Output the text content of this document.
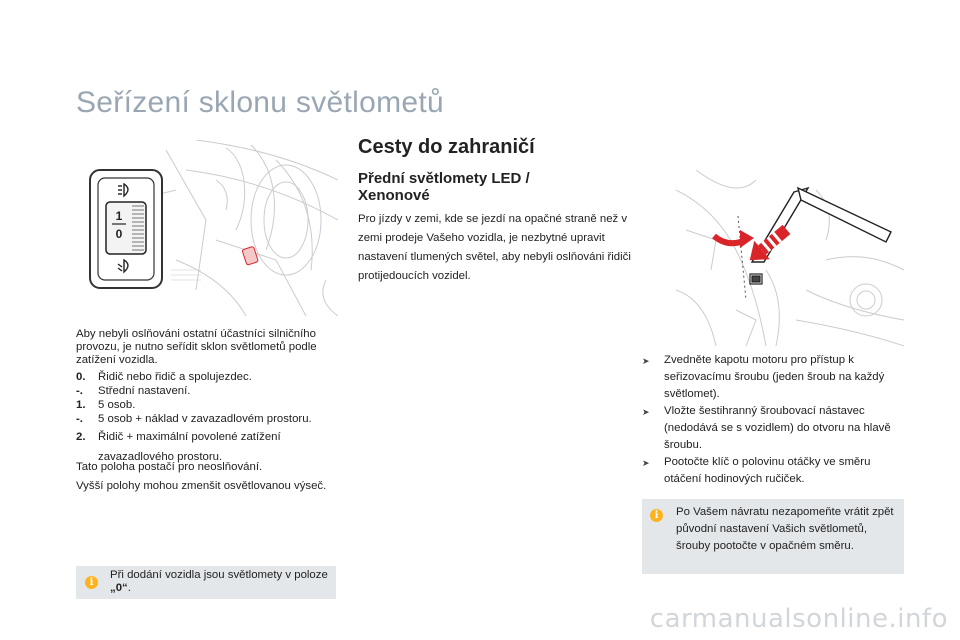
Seřízení sklonu světlometů
1
0
Cesty do zahraničí
Přední světlomety LED / Xenonové
Pro jízdy v zemi, kde se jezdí na opačné straně než v zemi prodeje Vašeho vozidla, je nezbytné upravit nastavení tlumených světel, aby nebyli oslňováni řidiči protijedoucích vozidel.
Aby nebyli oslňováni ostatní účastníci silničního provozu, je nutno seřídit sklon světlometů podle zatížení vozidla.
0.	Řidič nebo řidič a spolujezdec.
-.	Střední nastavení.
1.	5 osob.
-.	5 osob + náklad v zavazadlovém prostoru.
2.	Řidič + maximální povolené zatížení zavazadlového prostoru.
Tato poloha postačí pro neoslňování.
Vyšší polohy mohou zmenšit osvětlovanou výseč.
➤	Zvedněte kapotu motoru pro přístup k seřizovacímu šroubu (jeden šroub na každý světlomet).
➤	Vložte šestihranný šroubovací nástavec (nedodává se s vozidlem) do otvoru na hlavě šroubu.
➤	Pootočte klíč o polovinu otáčky ve směru otáčení hodinových ručiček.
i	Po Vašem návratu nezapomeňte vrátit zpět původní nastavení Vašich světlometů, šrouby pootočte v opačném směru.
i
Při dodání vozidla jsou světlomety v poloze „0“.
carmanualsonline.info
